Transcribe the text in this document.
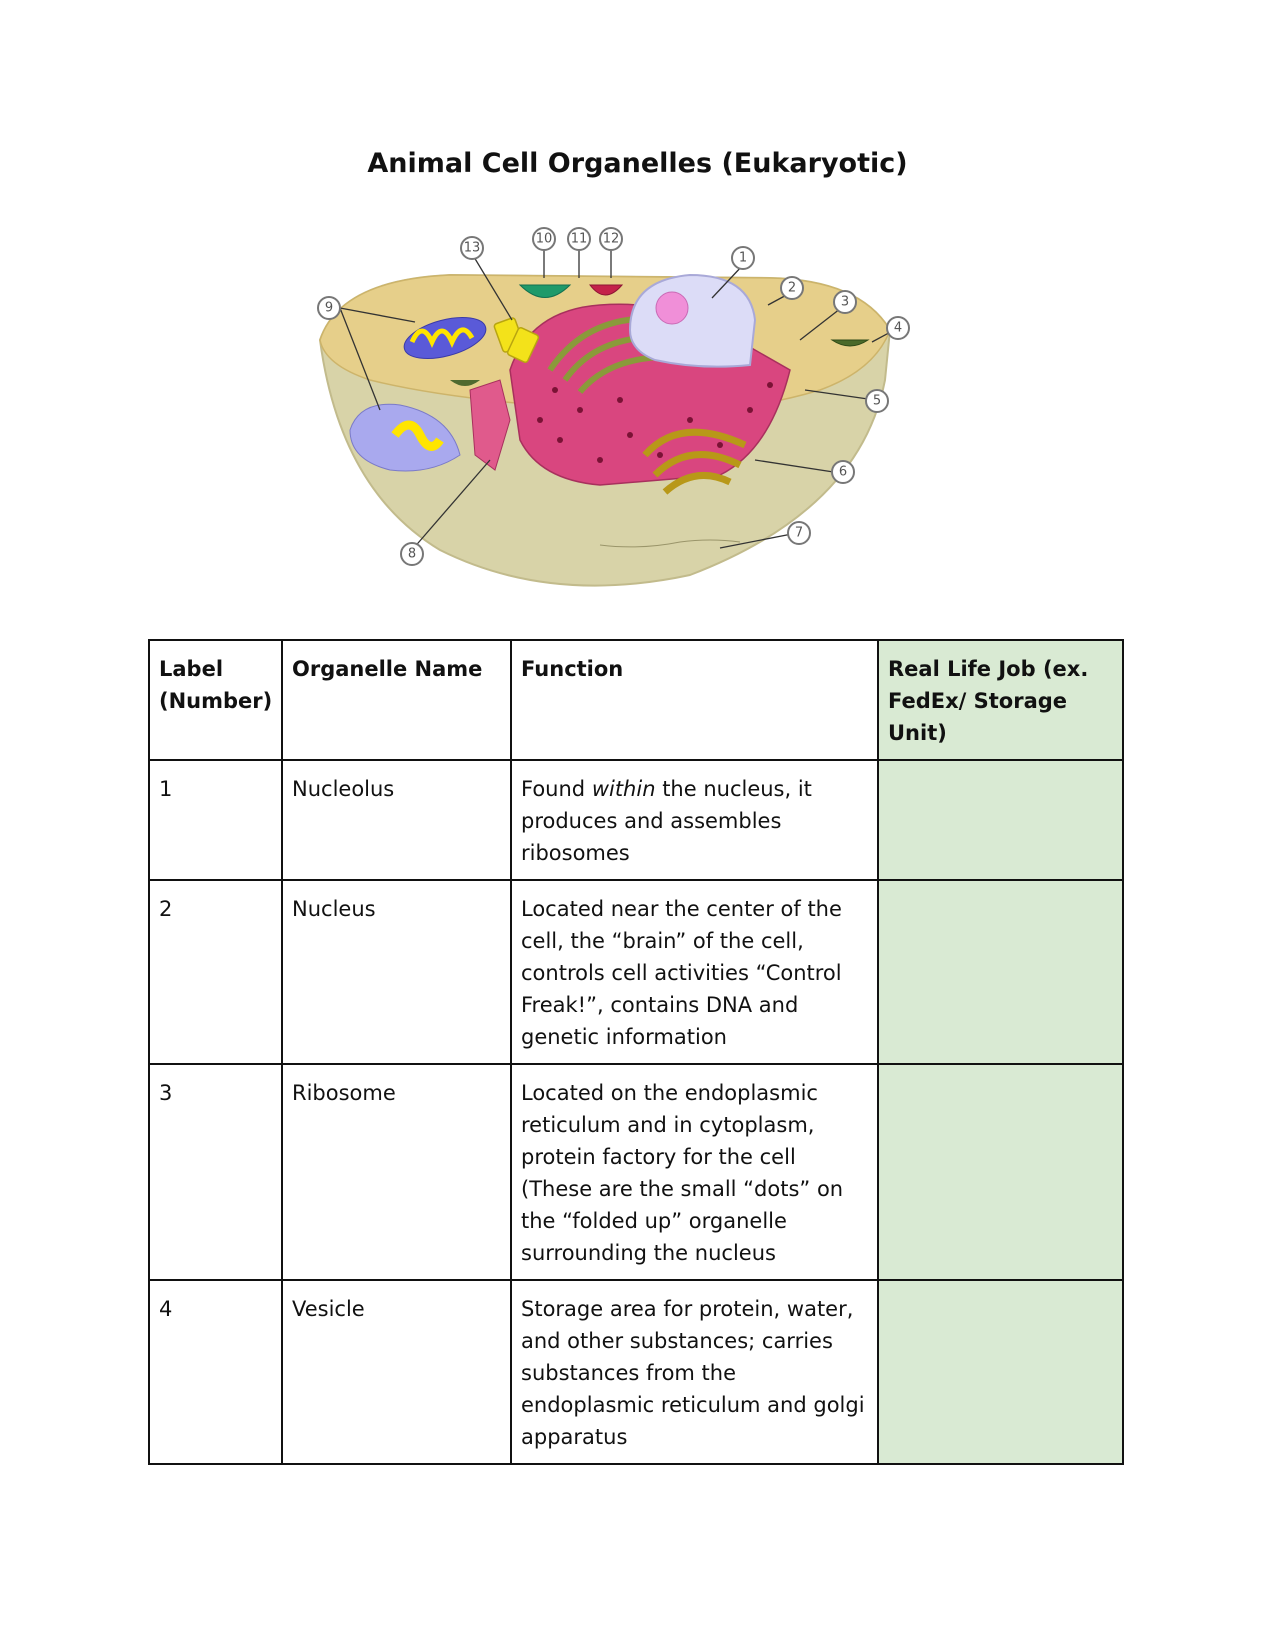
Animal Cell Organelles (Eukaryotic)
1
2
3
4
5
6
7
8
9
10 11 12
13
Label (Number)	Organelle Name	Function	Real Life Job (ex. FedEx/ Storage Unit)
1	Nucleolus	Found within the nucleus, it produces and assembles ribosomes	
2	Nucleus	Located near the center of the cell, the “brain” of the cell, controls cell activities “Control Freak!”, contains DNA and genetic information	
3	Ribosome	Located on the endoplasmic reticulum and in cytoplasm, protein factory for the cell (These are the small “dots” on the “folded up” organelle surrounding the nucleus	
4	Vesicle	Storage area for protein, water, and other substances; carries substances from the endoplasmic reticulum and golgi apparatus	
